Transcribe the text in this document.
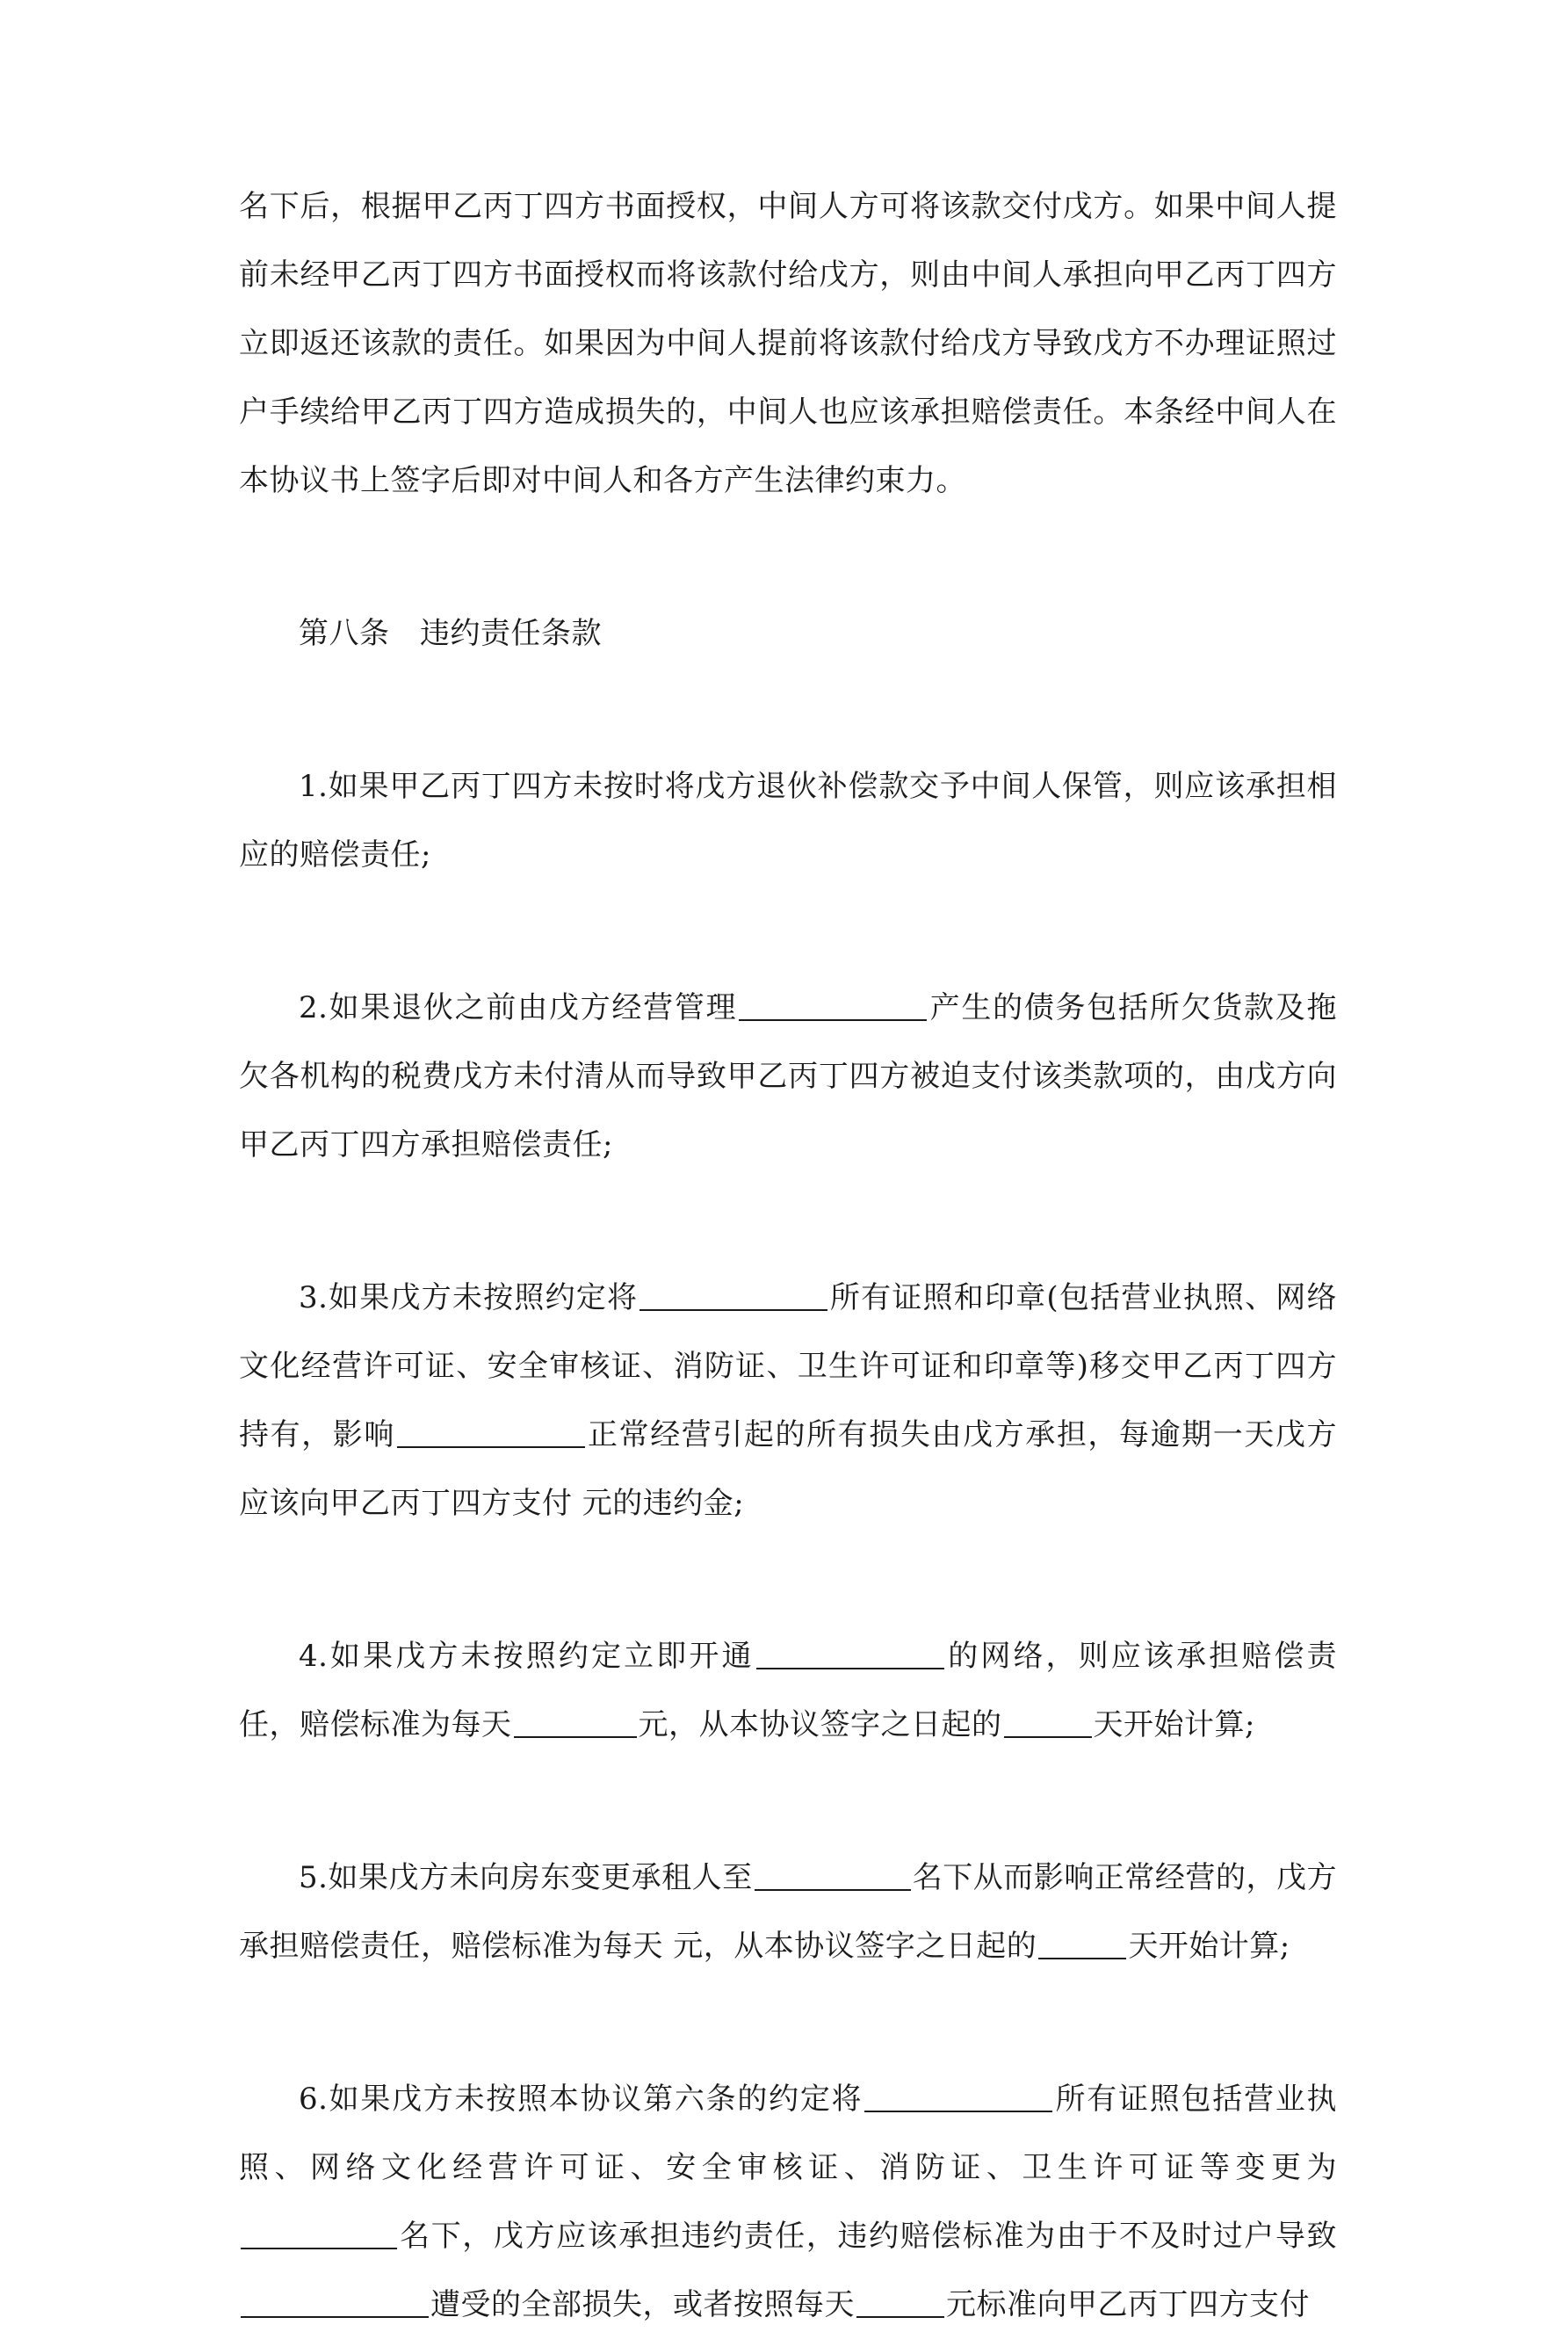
名下后，根据甲乙丙丁四方书面授权，中间人方可将该款交付戊方。如果中间人提前未经甲乙丙丁四方书面授权而将该款付给戊方，则由中间人承担向甲乙丙丁四方立即返还该款的责任。如果因为中间人提前将该款付给戊方导致戊方不办理证照过户手续给甲乙丙丁四方造成损失的，中间人也应该承担赔偿责任。本条经中间人在本协议书上签字后即对中间人和各方产生法律约束力。

第八条　违约责任条款

1.如果甲乙丙丁四方未按时将戊方退伙补偿款交予中间人保管，则应该承担相应的赔偿责任;

2.如果退伙之前由戊方经营管理	产生的债务包括所欠货款及拖欠各机构的税费戊方未付清从而导致甲乙丙丁四方被迫支付该类款项的，由戊方向甲乙丙丁四方承担赔偿责任;

3.如果戊方未按照约定将	所有证照和印章(包括营业执照、网络文化经营许可证、安全审核证、消防证、卫生许可证和印章等)移交甲乙丙丁四方持有，影响	正常经营引起的所有损失由戊方承担，每逾期一天戊方应该向甲乙丙丁四方支付 元的违约金;

4.如果戊方未按照约定立即开通	的网络，则应该承担赔偿责任，赔偿标准为每天	元，从本协议签字之日起的	天开始计算;

5.如果戊方未向房东变更承租人至	名下从而影响正常经营的，戊方承担赔偿责任，赔偿标准为每天 元，从本协议签字之日起的	天开始计算;

6.如果戊方未按照本协议第六条的约定将	所有证照包括营业执照、网络文化经营许可证、安全审核证、消防证、卫生许可证等变更为名下，戊方应该承担违约责任，违约赔偿标准为由于不及时过户导致遭受的全部损失，或者按照每天	元标准向甲乙丙丁四方支付
